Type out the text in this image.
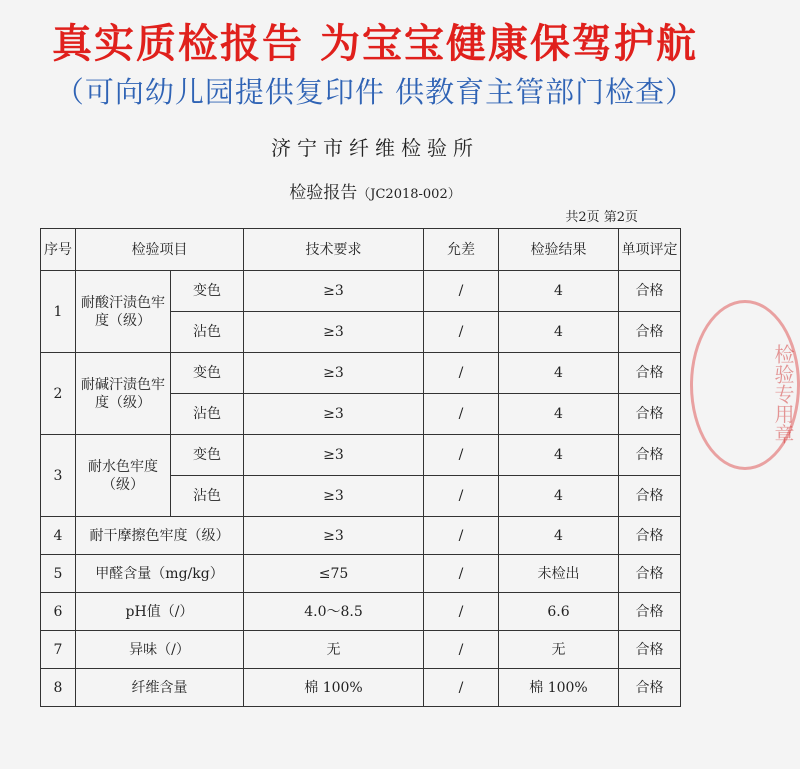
真实质检报告 为宝宝健康保驾护航
（可向幼儿园提供复印件 供教育主管部门检查）
济宁市纤维检验所
检验报告（JC2018-002）
共2页 第2页
序号	检验项目		技术要求	允差	检验结果	单项评定
1	耐酸汗渍色牢度（级）	变色	≥3	/	4	合格
		沾色	≥3	/	4	合格
2	耐碱汗渍色牢度（级）	变色	≥3	/	4	合格
		沾色	≥3	/	4	合格
3	耐水色牢度（级）	变色	≥3	/	4	合格
		沾色	≥3	/	4	合格
4	耐干摩擦色牢度（级）		≥3	/	4	合格
5	甲醛含量（mg/kg）		≤75	/	未检出	合格
6	pH值（/）		4.0～8.5	/	6.6	合格
7	异味（/）		无	/	无	合格
8	纤维含量		棉 100%	/	棉 100%	合格
检验专用章
